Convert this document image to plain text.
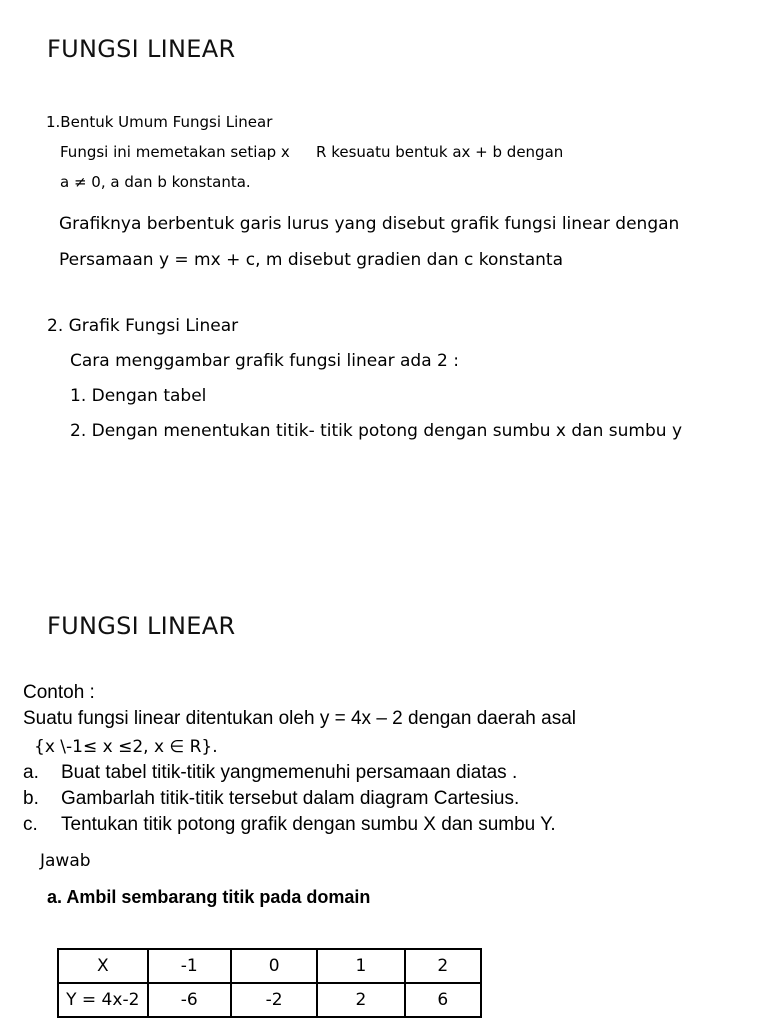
FUNGSI LINEAR
1.Bentuk Umum Fungsi Linear
Fungsi ini memetakan setiap x R kesuatu bentuk ax + b dengan
a ≠ 0, a dan b konstanta.
Grafiknya berbentuk garis lurus yang disebut grafik fungsi linear dengan
Persamaan y = mx + c, m disebut gradien dan c konstanta
2. Grafik Fungsi Linear
Cara menggambar grafik fungsi linear ada 2 :
1. Dengan tabel
2. Dengan menentukan titik- titik potong dengan sumbu x dan sumbu y
FUNGSI LINEAR
Contoh :
Suatu fungsi linear ditentukan oleh y = 4x – 2 dengan daerah asal
{x \-1≤ x ≤2, x ∈ R}.
a. Buat tabel titik-titik yangmemenuhi persamaan diatas .
b. Gambarlah titik-titik tersebut dalam diagram Cartesius.
c. Tentukan titik potong grafik dengan sumbu X dan sumbu Y.
Jawab
a. Ambil sembarang titik pada domain
X	-1	0	1	2
Y = 4x-2	-6	-2	2	6
